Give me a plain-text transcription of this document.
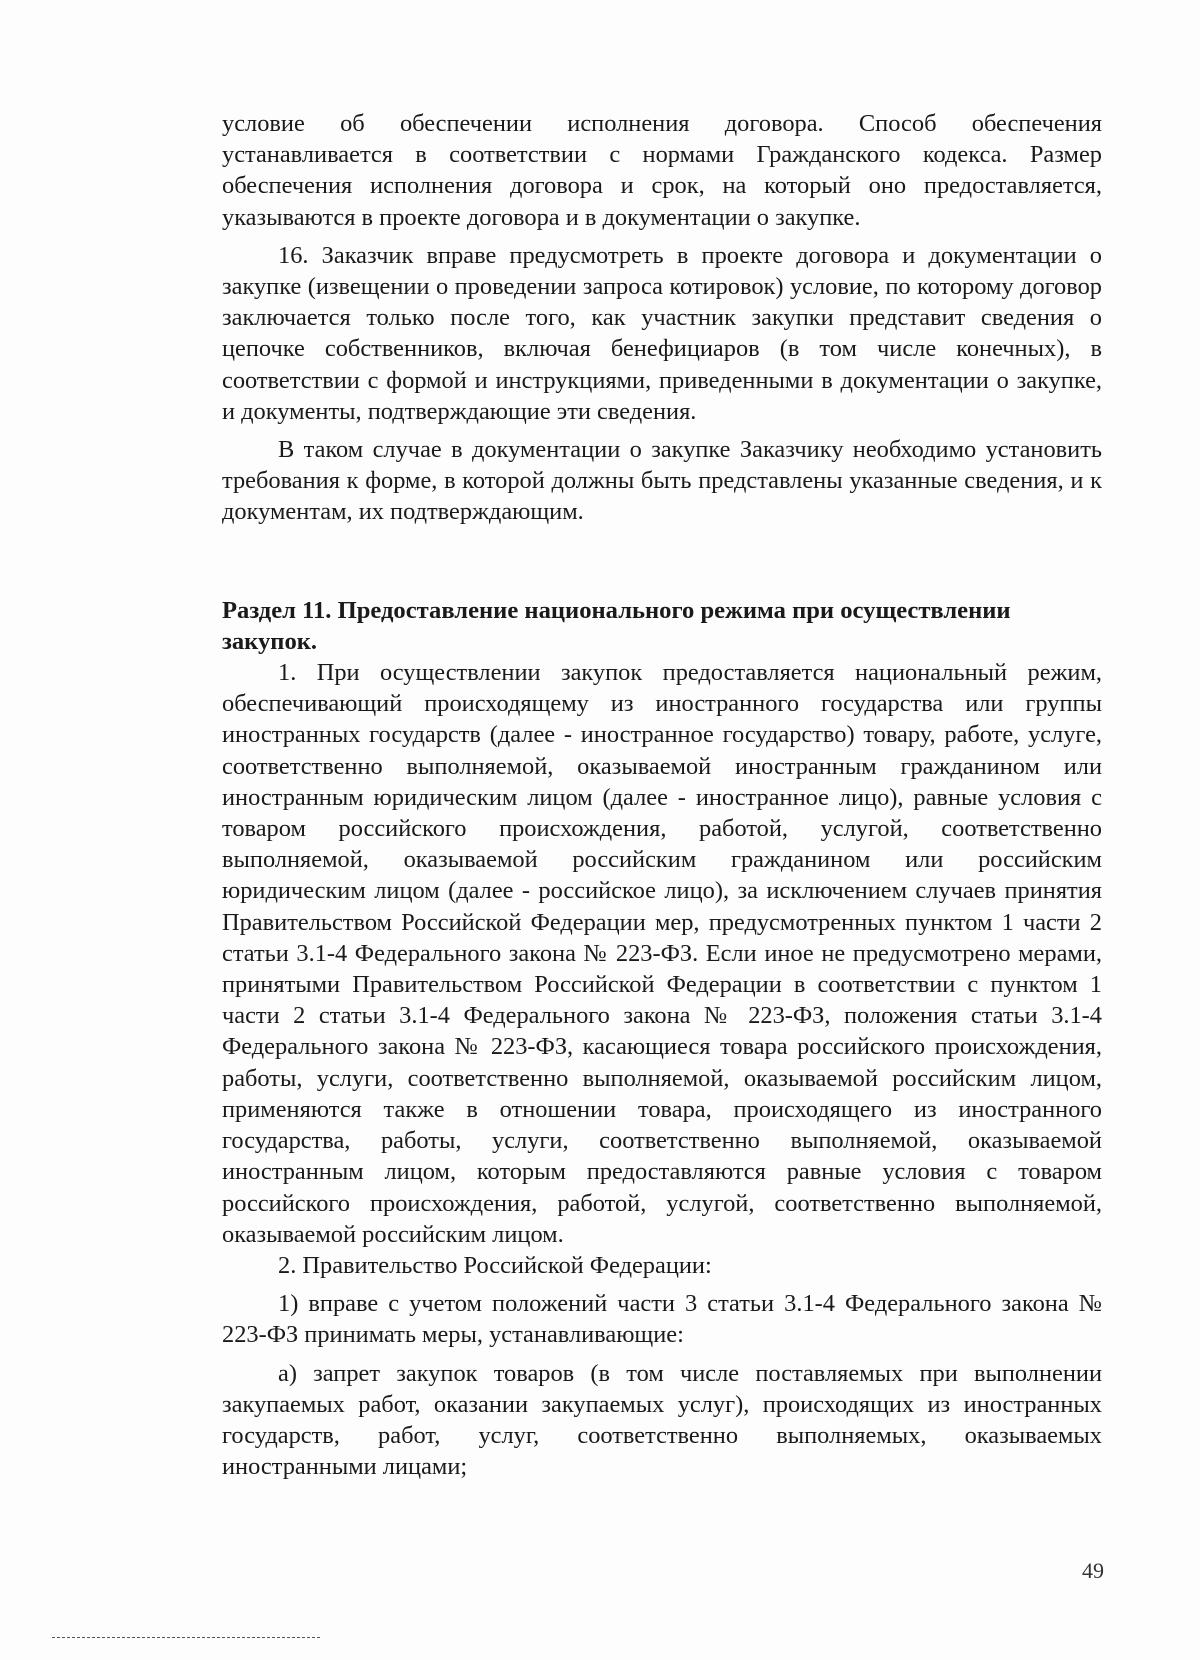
условие об обеспечении исполнения договора. Способ обеспечения устанавливается в соответствии с нормами Гражданского кодекса. Размер обеспечения исполнения договора и срок, на который оно предоставляется, указываются в проекте договора и в документации о закупке.

16. Заказчик вправе предусмотреть в проекте договора и документации о закупке (извещении о проведении запроса котировок) условие, по которому договор заключается только после того, как участник закупки представит сведения о цепочке собственников, включая бенефициаров (в том числе конечных), в соответствии с формой и инструкциями, приведенными в документации о закупке, и документы, подтверждающие эти сведения.

В таком случае в документации о закупке Заказчику необходимо установить требования к форме, в которой должны быть представлены указанные сведения, и к документам, их подтверждающим.

Раздел 11. Предоставление национального режима при осуществлении закупок.

1. При осуществлении закупок предоставляется национальный режим, обеспечивающий происходящему из иностранного государства или группы иностранных государств (далее - иностранное государство) товару, работе, услуге, соответственно выполняемой, оказываемой иностранным гражданином или иностранным юридическим лицом (далее - иностранное лицо), равные условия с товаром российского происхождения, работой, услугой, соответственно выполняемой, оказываемой российским гражданином или российским юридическим лицом (далее - российское лицо), за исключением случаев принятия Правительством Российской Федерации мер, предусмотренных пунктом 1 части 2 статьи 3.1-4 Федерального закона № 223-ФЗ. Если иное не предусмотрено мерами, принятыми Правительством Российской Федерации в соответствии с пунктом 1 части 2 статьи 3.1-4 Федерального закона № 223-ФЗ, положения статьи 3.1-4 Федерального закона № 223-ФЗ, касающиеся товара российского происхождения, работы, услуги, соответственно выполняемой, оказываемой российским лицом, применяются также в отношении товара, происходящего из иностранного государства, работы, услуги, соответственно выполняемой, оказываемой иностранным лицом, которым предоставляются равные условия с товаром российского происхождения, работой, услугой, соответственно выполняемой, оказываемой российским лицом.

2. Правительство Российской Федерации:

1) вправе с учетом положений части 3 статьи 3.1-4 Федерального закона № 223-ФЗ принимать меры, устанавливающие:

а) запрет закупок товаров (в том числе поставляемых при выполнении закупаемых работ, оказании закупаемых услуг), происходящих из иностранных государств, работ, услуг, соответственно выполняемых, оказываемых иностранными лицами;

49
